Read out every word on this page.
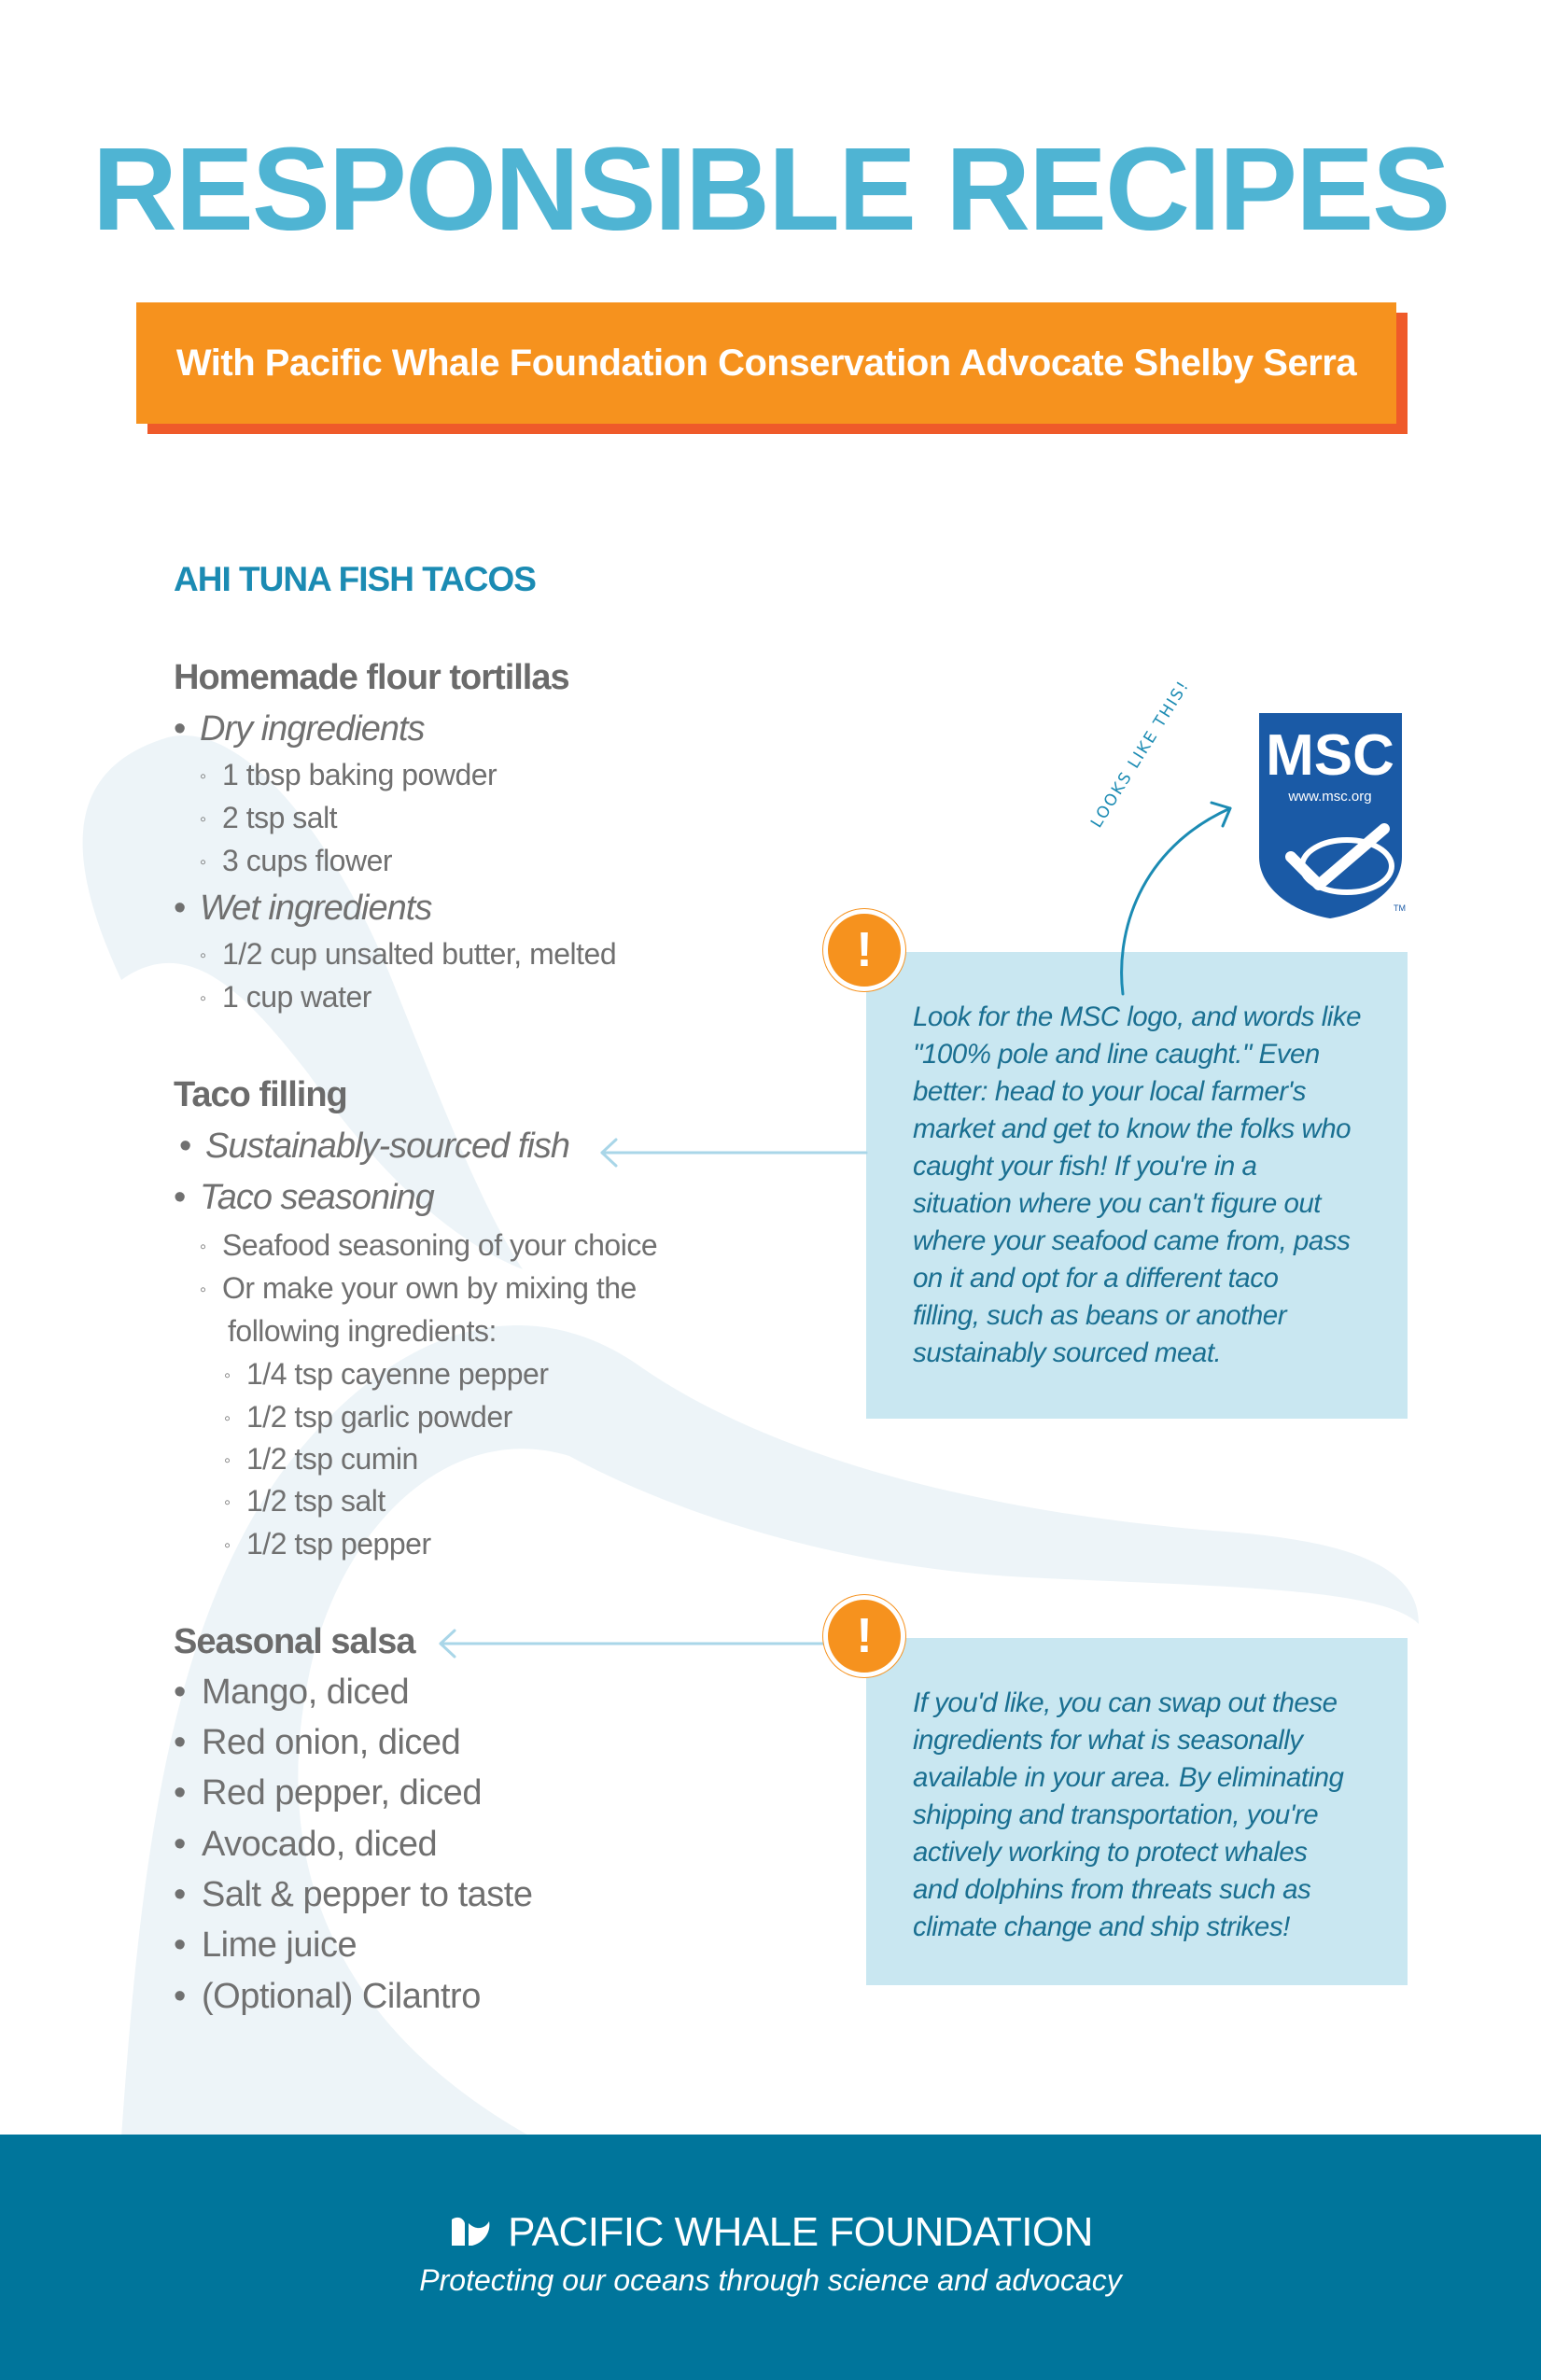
RESPONSIBLE RECIPES
With Pacific Whale Foundation Conservation Advocate Shelby Serra
AHI TUNA FISH TACOS
Homemade flour tortillas
• Dry ingredients
◦ 1 tbsp baking powder
◦ 2 tsp salt
◦ 3 cups flower
• Wet ingredients
◦ 1/2 cup unsalted butter, melted
◦ 1 cup water
Taco filling
• Sustainably-sourced fish
• Taco seasoning
◦ Seafood seasoning of your choice
◦ Or make your own by mixing the
following ingredients:
◦ 1/4 tsp cayenne pepper
◦ 1/2 tsp garlic powder
◦ 1/2 tsp cumin
◦ 1/2 tsp salt
◦ 1/2 tsp pepper
Seasonal salsa
• Mango, diced
• Red onion, diced
• Red pepper, diced
• Avocado, diced
• Salt & pepper to taste
• Lime juice
• (Optional) Cilantro
Look for the MSC logo, and words like
"100% pole and line caught." Even
better: head to your local farmer's
market and get to know the folks who
caught your fish! If you're in a
situation where you can't figure out
where your seafood came from, pass
on it and opt for a different taco
filling, such as beans or another
sustainably sourced meat.
!
If you'd like, you can swap out these
ingredients for what is seasonally
available in your area. By eliminating
shipping and transportation, you're
actively working to protect whales
and dolphins from threats such as
climate change and ship strikes!
!
LOOKS LIKE THIS! MSC
www.msc.org
TM
PACIFIC WHALE FOUNDATION
Protecting our oceans through science and advocacy
